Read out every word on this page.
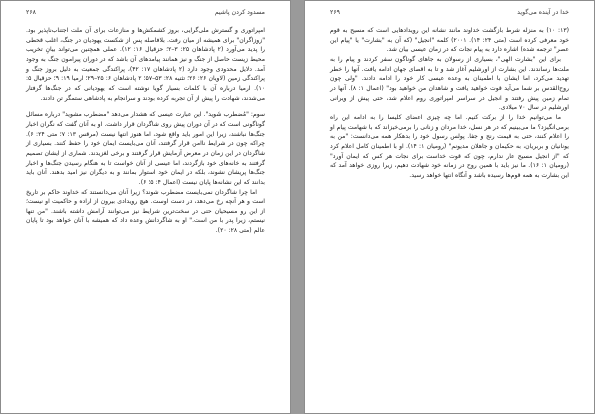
مسدود کردن پاشیم
۲۶۸

امپراتوری و گسترش ملی‌گرایی، بروز کشمکش‌ها و منازعات برای آن ملت اجتناب‌ناپذیر بود. "زوزاگران" برای همیشه از میان رفت. بلافاصله پس از شکست یهودیان در جنگ، اغلب قحطی را پدید می‌آورد (۲ پادشاهان ۲۵: ۳–۲؛ حزقیال ۱۶: ۱۲). عملی همچنین می‌تواند بیانِ تخریب محیط زیست حاصل از جنگ و نیز همانند پیامدهای آن باشد که در دوران پیرامون جنگ به وجود آمد. دلایل محدودی وجود دارد (۲ پادشاهان ۱۷: ۴۲)، پراکندگی جمعیت به دلیل بروز جنگ و پراکندگی زمین (لاویان ۲۶: ۲۶؛ تثنیه ۲۸: ۵۳–۵۷؛ ۲ پادشاهان ۶: ۲۵–۲۹؛ ارمیا ۱۹: ۹؛ حزقیال ۵: ۱۰). ارمیا درباره آن با کلمات بسیار گویا نوشته است که یهودیانی که در جنگ‌ها گرفتار می‌شدند، شهادت را پیش از آن تجربه کرده بودند و سرانجام به پادشاهی ستمگر تن دادند.

سوم: "مُضطرب شَوید". این عبارت عیسی که هشدار می‌دهد "مضطرب مشوید" درباره مسائل گوناگونی است که در آن دوران پیش روی شاگردان قرار داشت. او به آنان گفت که نگران اخبار جنگ‌ها نباشند، زیرا این امور باید واقع شود، اما هنوز انتها نیست (مرقس ۱۳: ۷؛ متی ۲۴: ۶). چراکه چون در شرایط ناامن قرار گرفتند، آنان می‌بایست ایمان خود را حفظ کنند. بسیاری از شاگردان در این زمان در معرض آزمایش قرار گرفتند و برخی لغزیدند. شماری از ایشان تصمیم گرفتند به خانه‌های خود بازگردند، اما عیسی از آنان خواست تا به هنگام رسیدن جنگ‌ها و اخبار جنگ‌ها پریشان نشوند، بلکه در ایمان خود استوار بمانند و به دیگران نیز امید بدهند. آنان باید بدانند که این نشانه‌ها پایان نیست (اعمال ۴: ۵؛ ۶).

اما چرا شاگردان نمی‌بایست مضطرب شوند؟ زیرا آنان می‌دانستند که خداوند حاکم بر تاریخ است و هر آنچه رخ می‌دهد، در دست اوست. هیچ رویدادی بیرون از اراده و حاکمیت او نیست؛ از این رو مسیحیان حتی در سخت‌ترین شرایط نیز می‌توانند آرامش داشته باشند. "من تنها نیستم، زیرا پدر با من است." او به شاگردانش وعده داد که همیشه با آنان خواهد بود تا پایان عالم (متی ۲۸: ۲۰).

خدا در آینده می‌گوید
۲۶۹

(۱۳: ۱۰) به منزله شرط بازگشت خداوند مانند نشانه این رویدادهایی است که مسیح به قوم خود معرفی کرده است (متی ۲۴: ۱۴). ۲۰۰۱) کلمه "انجیل" (که آن به "بشارت" یا "پیام این عصر" ترجمه شده) اشاره دارد به پیام نجات که در زمان عیسی بیان شد.

برای این "بشارت الهی"، بسیاری از رسولان به جاهای گوناگون سفر کردند و پیام را به ملت‌ها رساندند. این بشارت از اورشلیم آغاز شد و تا به اقصای جهان ادامه یافت. آنها را خطر تهدید می‌کرد، اما ایشان با اطمینان به وعده عیسی کار خود را ادامه دادند. "ولی چون روح‌القدس بر شما می‌آید قوت خواهید یافت و شاهدان من خواهید بود" (اعمال ۱: ۸). آنها در تمام زمین پیش رفتند و انجیل در سراسر امپراتوری روم اعلام شد، حتی پیش از ویرانی اورشلیم در سال ۷۰ میلادی.

ما می‌توانیم خدا را از برکت کنیم. اما چه چیزی اعضای کلیسا را به ادامه این راه برمی‌انگیزد؟ ما می‌بینیم که در هر نسل، خدا مردان و زنانی را برمی‌خیزاند که با شهامت پیام او را اعلام کنند، حتی به قیمت رنج و جفا. پولس رسول خود را بدهکار همه می‌دانست: "من به یونانیان و بربریان، به حکیمان و جاهلان مدیونم" (رومیان ۱: ۱۴). او با اطمینان کامل اعلام کرد که "از انجیل مسیح عار ندارم، چون که قوت خداست برای نجات هر کس که ایمان آورد" (رومیان ۱: ۱۶). ما نیز باید با همین روح در زمانه خود شهادت دهیم، زیرا روزی خواهد آمد که این بشارت به همه قوم‌ها رسیده باشد و آنگاه انتها خواهد رسید.
